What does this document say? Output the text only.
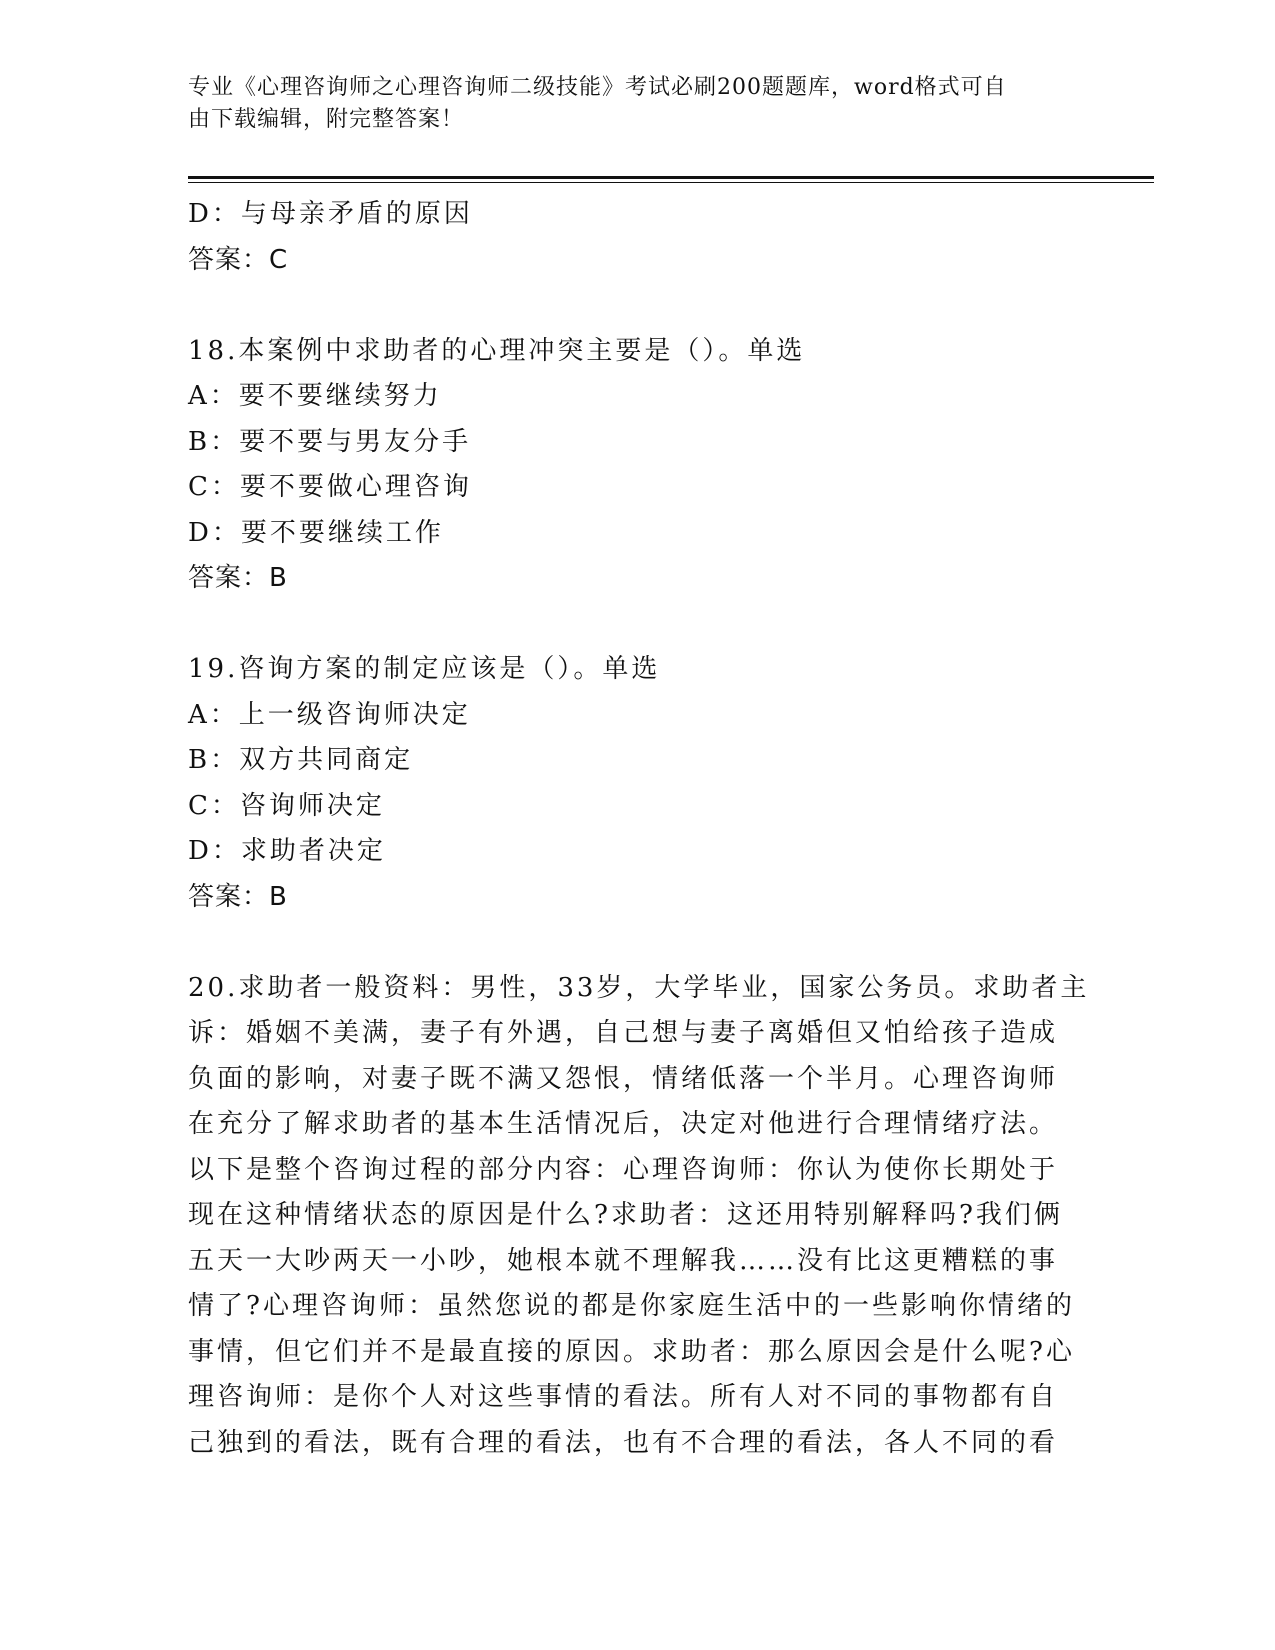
专业《心理咨询师之心理咨询师二级技能》考试必刷200题题库，word格式可自
由下载编辑，附完整答案！
D：与母亲矛盾的原因
答案：C
18.本案例中求助者的心理冲突主要是（）。单选
A：要不要继续努力
B：要不要与男友分手
C：要不要做心理咨询
D：要不要继续工作
答案：B
19.咨询方案的制定应该是（）。单选
A：上一级咨询师决定
B：双方共同商定
C：咨询师决定
D：求助者决定
答案：B
20.求助者一般资料：男性，33岁，大学毕业，国家公务员。求助者主
诉：婚姻不美满，妻子有外遇，自己想与妻子离婚但又怕给孩子造成
负面的影响，对妻子既不满又怨恨，情绪低落一个半月。心理咨询师
在充分了解求助者的基本生活情况后，决定对他进行合理情绪疗法。
以下是整个咨询过程的部分内容：心理咨询师：你认为使你长期处于
现在这种情绪状态的原因是什么?求助者：这还用特别解释吗?我们俩
五天一大吵两天一小吵，她根本就不理解我……没有比这更糟糕的事
情了?心理咨询师：虽然您说的都是你家庭生活中的一些影响你情绪的
事情，但它们并不是最直接的原因。求助者：那么原因会是什么呢?心
理咨询师：是你个人对这些事情的看法。所有人对不同的事物都有自
己独到的看法，既有合理的看法，也有不合理的看法，各人不同的看
